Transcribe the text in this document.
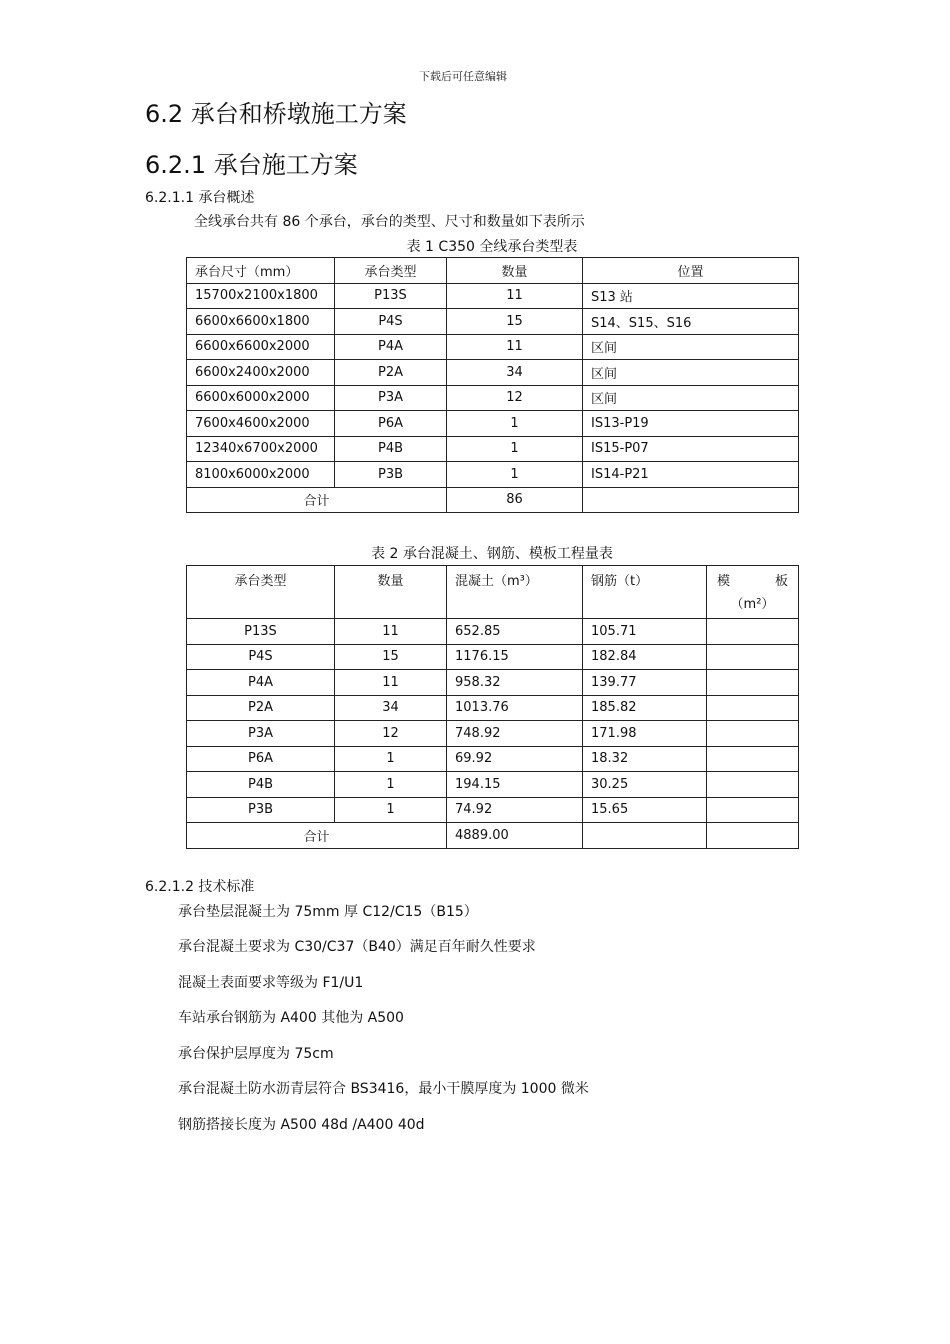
下载后可任意编辑
6.2 承台和桥墩施工方案
6.2.1 承台施工方案
6.2.1.1 承台概述
全线承台共有 86 个承台，承台的类型、尺寸和数量如下表所示
表 1 C350 全线承台类型表
承台尺寸（mm）	承台类型	数量	位置
15700x2100x1800	P13S	11	S13 站
6600x6600x1800	P4S	15	S14、S15、S16
6600x6600x2000	P4A	11	区间
6600x2400x2000	P2A	34	区间
6600x6000x2000	P3A	12	区间
7600x4600x2000	P6A	1	IS13-P19
12340x6700x2000	P4B	1	IS15-P07
8100x6000x2000	P3B	1	IS14-P21
合计		86	
表 2 承台混凝土、钢筋、模板工程量表
承台类型	数量	混凝土（m³）	钢筋（t）	模 板
（m²）

P13S	11	652.85	105.71	
P4S	15	1176.15	182.84	
P4A	11	958.32	139.77	
P2A	34	1013.76	185.82	
P3A	12	748.92	171.98	
P6A	1	69.92	18.32	
P4B	1	194.15	30.25	
P3B	1	74.92	15.65	
合计		4889.00		
6.2.1.2 技术标准
承台垫层混凝土为 75mm 厚 C12/C15（B15）
承台混凝土要求为 C30/C37（B40）满足百年耐久性要求
混凝土表面要求等级为 F1/U1
车站承台钢筋为 A400 其他为 A500
承台保护层厚度为 75cm
承台混凝土防水沥青层符合 BS3416，最小干膜厚度为 1000 微米
钢筋搭接长度为 A500 48d /A400 40d
